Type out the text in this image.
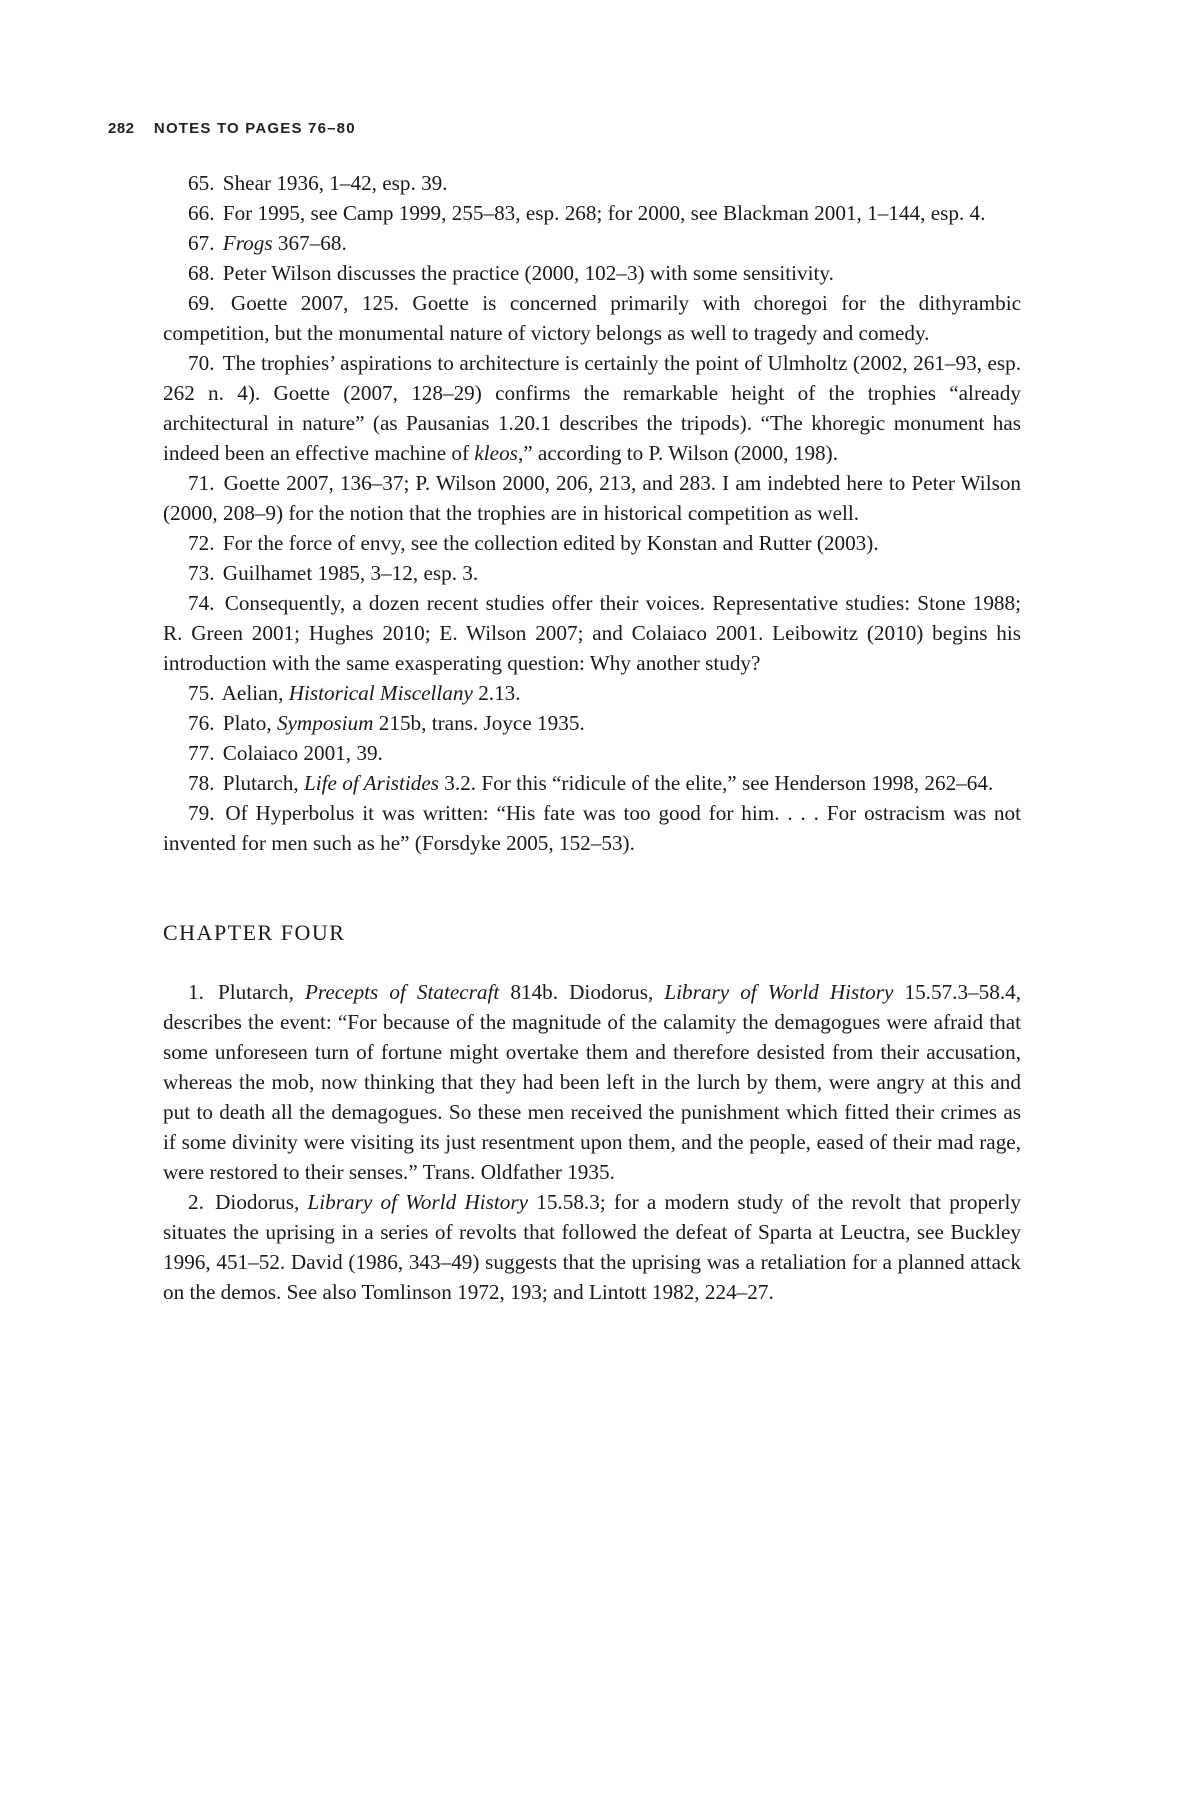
282 NOTES TO PAGES 76–80

65. Shear 1936, 1–42, esp. 39.

66. For 1995, see Camp 1999, 255–83, esp. 268; for 2000, see Blackman 2001, 1–144, esp. 4.

67. Frogs 367–68.

68. Peter Wilson discusses the practice (2000, 102–3) with some sensitivity.

69. Goette 2007, 125. Goette is concerned primarily with choregoi for the dithyrambic competition, but the monumental nature of victory belongs as well to tragedy and comedy.

70. The trophies’ aspirations to architecture is certainly the point of Ulmholtz (2002, 261–93, esp. 262 n. 4). Goette (2007, 128–29) confirms the remarkable height of the trophies “already architectural in nature” (as Pausanias 1.20.1 describes the tripods). “The khoregic monument has indeed been an effective machine of kleos,” according to P. Wilson (2000, 198).

71. Goette 2007, 136–37; P. Wilson 2000, 206, 213, and 283. I am indebted here to Peter Wilson (2000, 208–9) for the notion that the trophies are in historical competition as well.

72. For the force of envy, see the collection edited by Konstan and Rutter (2003).

73. Guilhamet 1985, 3–12, esp. 3.

74. Consequently, a dozen recent studies offer their voices. Representative studies: Stone 1988; R. Green 2001; Hughes 2010; E. Wilson 2007; and Colaiaco 2001. Leibowitz (2010) begins his introduction with the same exasperating question: Why another study?

75. Aelian, Historical Miscellany 2.13.

76. Plato, Symposium 215b, trans. Joyce 1935.

77. Colaiaco 2001, 39.

78. Plutarch, Life of Aristides 3.2. For this “ridicule of the elite,” see Henderson 1998, 262–64.

79. Of Hyperbolus it was written: “His fate was too good for him. . . . For ostracism was not invented for men such as he” (Forsdyke 2005, 152–53).

CHAPTER FOUR

1. Plutarch, Precepts of Statecraft 814b. Diodorus, Library of World History 15.57.3–58.4, describes the event: “For because of the magnitude of the calamity the demagogues were afraid that some unforeseen turn of fortune might overtake them and therefore desisted from their accusation, whereas the mob, now thinking that they had been left in the lurch by them, were angry at this and put to death all the demagogues. So these men received the punishment which fitted their crimes as if some divinity were visiting its just resentment upon them, and the people, eased of their mad rage, were restored to their senses.” Trans. Oldfather 1935.

2. Diodorus, Library of World History 15.58.3; for a modern study of the revolt that properly situates the uprising in a series of revolts that followed the defeat of Sparta at Leuctra, see Buckley 1996, 451–52. David (1986, 343–49) suggests that the uprising was a retaliation for a planned attack on the demos. See also Tomlinson 1972, 193; and Lintott 1982, 224–27.
